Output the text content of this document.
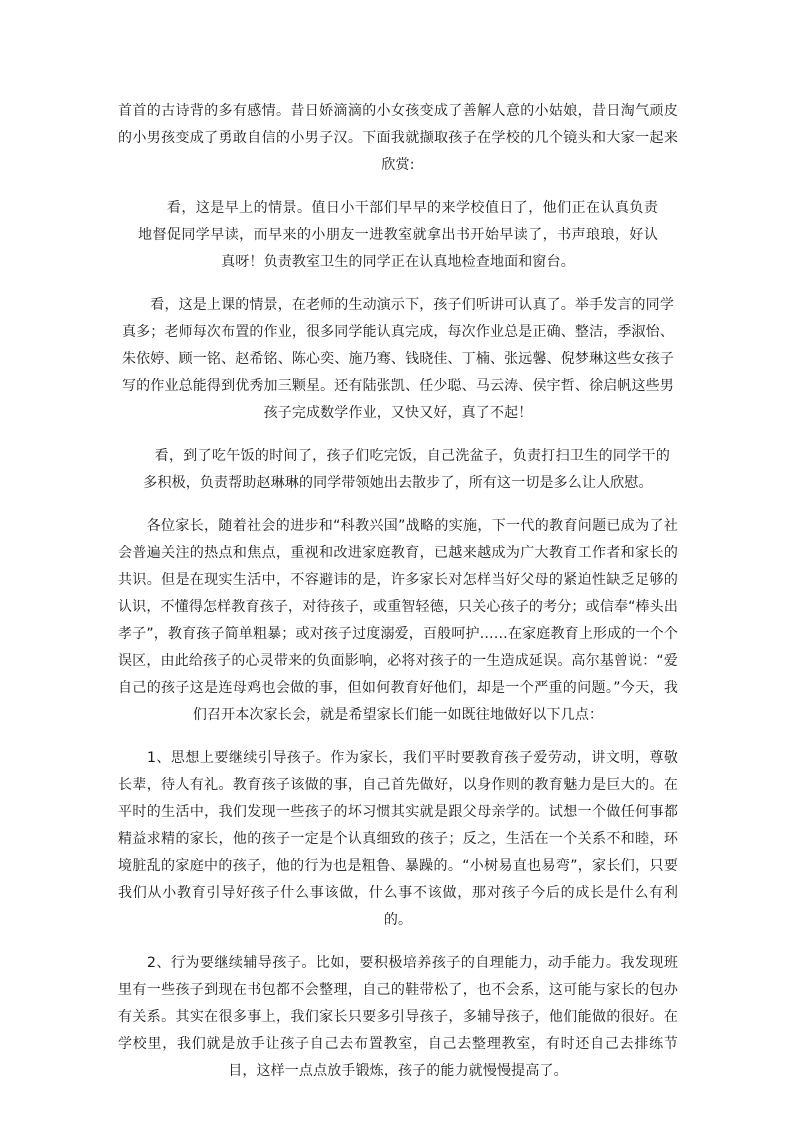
首首的古诗背的多有感情。昔日娇滴滴的小女孩变成了善解人意的小姑娘，昔日淘气顽皮的小男孩变成了勇敢自信的小男子汉。下面我就撷取孩子在学校的几个镜头和大家一起来欣赏:

　　看，这是早上的情景。值日小干部们早早的来学校值日了，他们正在认真负责地督促同学早读，而早来的小朋友一进教室就拿出书开始早读了，书声琅琅，好认真呀！负责教室卫生的同学正在认真地检查地面和窗台。

　　看，这是上课的情景，在老师的生动演示下，孩子们听讲可认真了。举手发言的同学真多；老师每次布置的作业，很多同学能认真完成，每次作业总是正确、整洁，季淑怡、朱依婷、顾一铭、赵希铭、陈心奕、施乃骞、钱晓佳、丁楠、张远馨、倪梦琳这些女孩子写的作业总能得到优秀加三颗星。还有陆张凯、任少聪、马云涛、侯宇哲、徐启帆这些男孩子完成数学作业，又快又好，真了不起！

　　看，到了吃午饭的时间了，孩子们吃完饭，自己洗盆子，负责打扫卫生的同学干的多积极，负责帮助赵琳琳的同学带领她出去散步了，所有这一切是多么让人欣慰。

　　各位家长，随着社会的进步和“科教兴国”战略的实施，下一代的教育问题已成为了社会普遍关注的热点和焦点，重视和改进家庭教育，已越来越成为广大教育工作者和家长的共识。但是在现实生活中，不容避讳的是，许多家长对怎样当好父母的紧迫性缺乏足够的认识，不懂得怎样教育孩子，对待孩子，或重智轻德，只关心孩子的考分；或信奉“棒头出孝子”，教育孩子简单粗暴；或对孩子过度溺爱，百般呵护……在家庭教育上形成的一个个误区，由此给孩子的心灵带来的负面影响，必将对孩子的一生造成延误。高尔基曾说：“爱自己的孩子这是连母鸡也会做的事，但如何教育好他们，却是一个严重的问题。”今天，我们召开本次家长会，就是希望家长们能一如既往地做好以下几点：

　　1、思想上要继续引导孩子。作为家长，我们平时要教育孩子爱劳动，讲文明，尊敬长辈，待人有礼。教育孩子该做的事，自己首先做好，以身作则的教育魅力是巨大的。在平时的生活中，我们发现一些孩子的坏习惯其实就是跟父母亲学的。试想一个做任何事都精益求精的家长，他的孩子一定是个认真细致的孩子；反之，生活在一个关系不和睦，环境脏乱的家庭中的孩子，他的行为也是粗鲁、暴躁的。“小树易直也易弯”，家长们，只要我们从小教育引导好孩子什么事该做，什么事不该做，那对孩子今后的成长是什么有利的。

　　2、行为要继续辅导孩子。比如，要积极培养孩子的自理能力，动手能力。我发现班里有一些孩子到现在书包都不会整理，自己的鞋带松了，也不会系，这可能与家长的包办有关系。其实在很多事上，我们家长只要多引导孩子，多辅导孩子，他们能做的很好。在学校里，我们就是放手让孩子自己去布置教室，自己去整理教室，有时还自己去排练节目，这样一点点放手锻炼，孩子的能力就慢慢提高了。
